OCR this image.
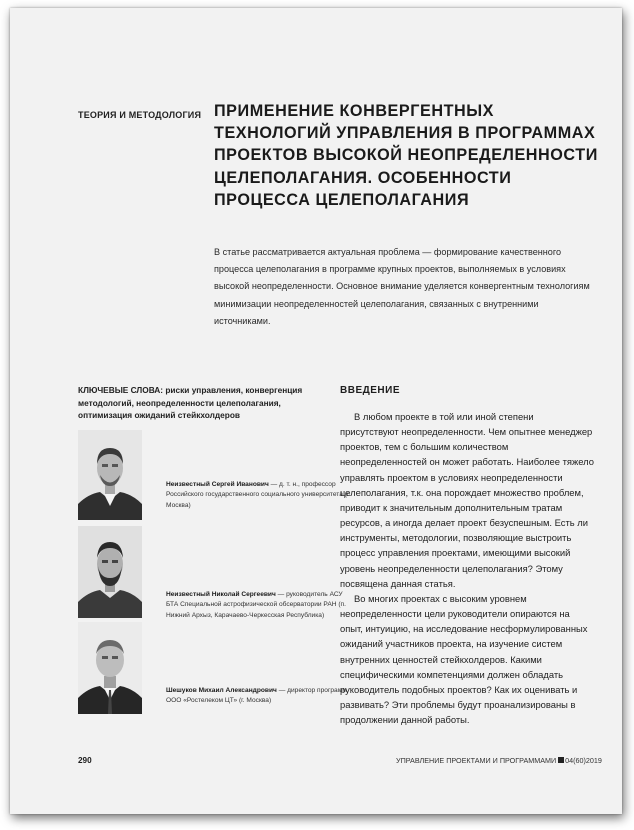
ТЕОРИЯ И МЕТОДОЛОГИЯ ПРИМЕНЕНИЕ КОНВЕРГЕНТНЫХ ТЕХНОЛОГИЙ УПРАВЛЕНИЯ В ПРОГРАММАХ ПРОЕКТОВ ВЫСОКОЙ НЕОПРЕДЕЛЕННОСТИ ЦЕЛЕПОЛАГАНИЯ. ОСОБЕННОСТИ ПРОЦЕССА ЦЕЛЕПОЛАГАНИЯ
В статье рассматривается актуальная проблема — формирование качественного процесса целеполагания в программе крупных проектов, выполняемых в условиях высокой неопределенности. Основное внимание уделяется конвергентным технологиям минимизации неопределенностей целеполагания, связанных с внутренними источниками.
КЛЮЧЕВЫЕ СЛОВА: риски управления, конвергенция методологий, неопределенности целеполагания, оптимизация ожиданий стейкхолдеров
Неизвестный Сергей Иванович — д. т. н., профессор Российского государственного социального университета (г. Москва)
Неизвестный Николай Сергеевич — руководитель АСУ БТА Специальной астрофизической обсерватории РАН (п. Нижний Архыз, Карачаево-Черкесская Республика)
Шешуков Михаил Александрович — директор программ ООО «Ростелеком ЦТ» (г. Москва)
ВВЕДЕНИЕ

В любом проекте в той или иной степени присутствуют неопределенности. Чем опытнее менеджер проектов, тем с большим количеством неопределенностей он может работать. Наиболее тяжело управлять проектом в условиях неопределенности целеполагания, т.к. она порождает множество проблем, приводит к значительным дополнительным тратам ресурсов, а иногда делает проект безуспешным. Есть ли инструменты, методологии, позволяющие выстроить процесс управления проектами, имеющими высокий уровень неопределенности целеполагания? Этому посвящена данная статья.

Во многих проектах с высоким уровнем неопределенности цели руководители опираются на опыт, интуицию, на исследование несформулированных ожиданий участников проекта, на изучение систем внутренних ценностей стейкхолдеров. Какими специфическими компетенциями должен обладать руководитель подобных проектов? Как их оценивать и развивать? Эти проблемы будут проанализированы в продолжении данной работы.

290	УПРАВЛЕНИЕ ПРОЕКТАМИ И ПРОГРАММАМИ 04(60)2019
